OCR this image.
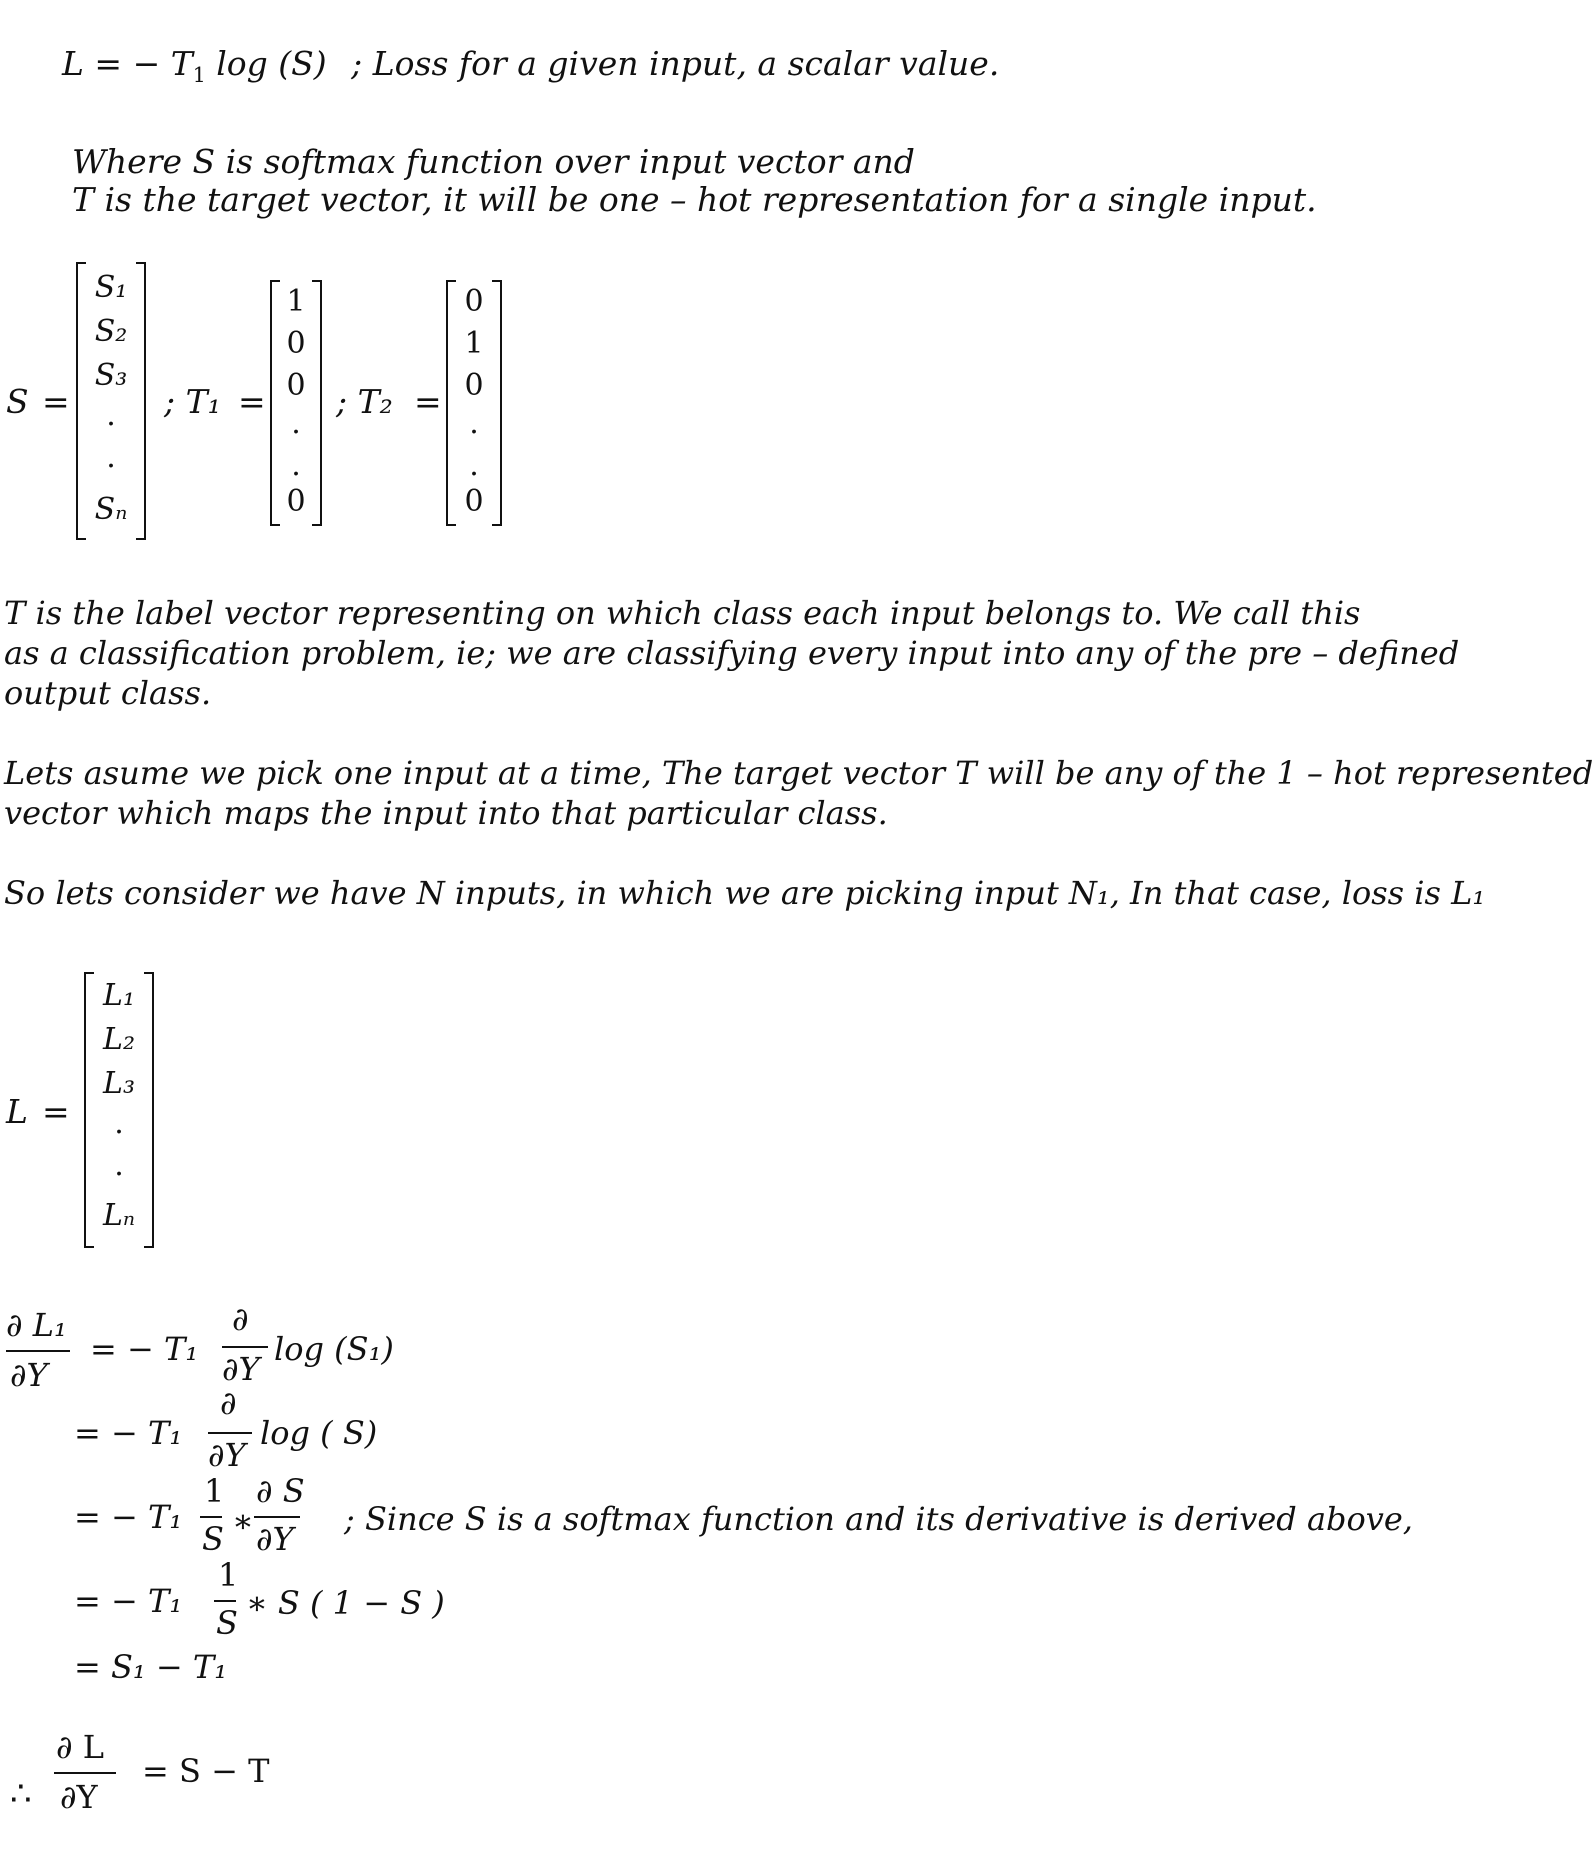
L = − $T_1$ log (S) ; Loss for a given input, a scalar value.
Where S is softmax function over input vector and
T is the target vector, it will be one – hot representation for a single input.
S =
S₁
S₂
S₃
.
.
Sₙ
; T₁ =
1
0
0
.
.
0
; T₂ =
0
1
0
.
.
0
T is the label vector representing on which class each input belongs to. We call this
as a classification problem, ie; we are classifying every input into any of the pre – defined
output class.
Lets asume we pick one input at a time, The target vector T will be any of the 1 – hot represented
vector which maps the input into that particular class.
So lets consider we have N inputs, in which we are picking input N₁, In that case, loss is L₁
L =
L₁
L₂
L₃
.
.
Lₙ
∂ L₁
∂Y
= − T₁
∂
∂Y
log (S₁)
= − T₁
∂
∂Y
log ( S)
= − T₁
1
S ∗
∂ S
∂Y
; Since S is a softmax function and its derivative is derived above,
= − T₁
1
S
∗ S ( 1 − S )
= S₁ − T₁
∴
∂ L
∂Y
= S − T
